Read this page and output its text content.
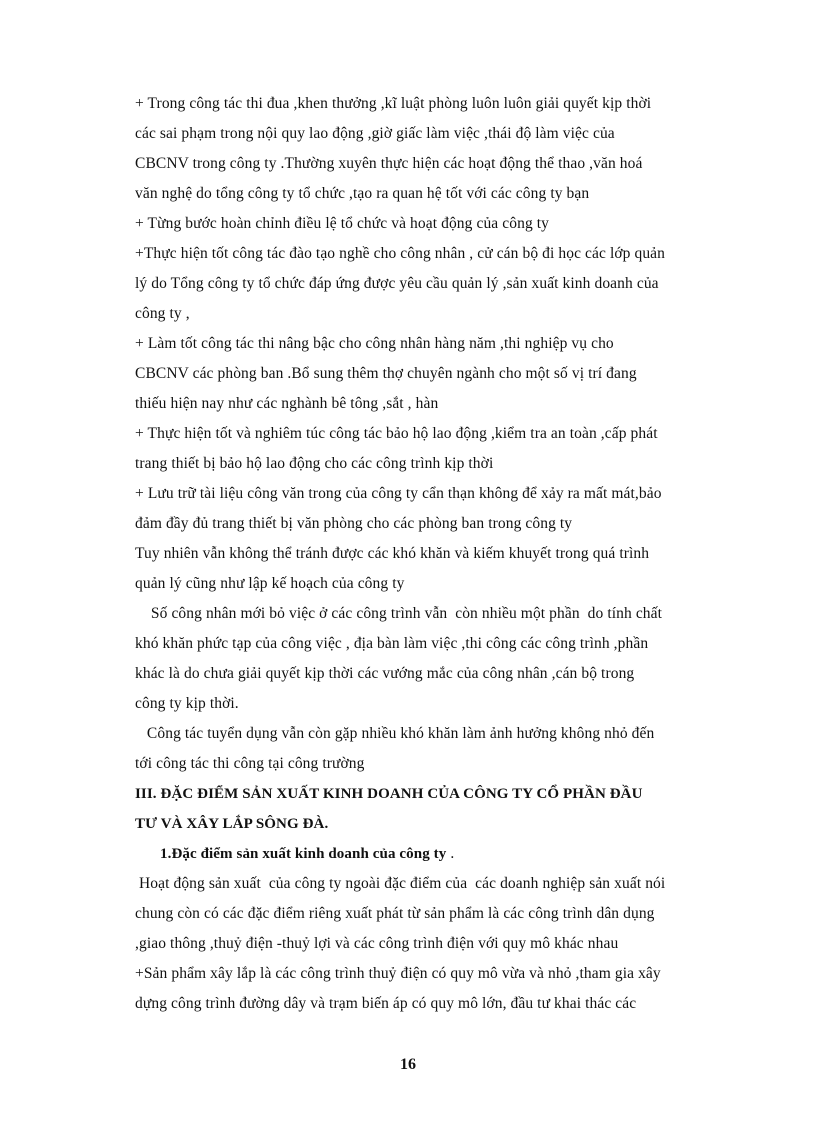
+ Trong công tác thi đua ,khen thưởng ,kĩ luật phòng luôn luôn giải quyết kịp thời
các sai phạm trong nội quy lao động ,giờ giấc làm việc ,thái độ làm việc của
CBCNV trong công ty .Thường xuyên thực hiện các hoạt động thể thao ,văn hoá
văn nghệ do tổng công ty tổ chức ,tạo ra quan hệ tốt với các công ty bạn
+ Từng bước hoàn chỉnh điều lệ tổ chức và hoạt động của công ty
+Thực hiện tốt công tác đào tạo nghề cho công nhân , cử cán bộ đi học các lớp quản
lý do Tổng công ty tổ chức đáp ứng được yêu cầu quản lý ,sản xuất kinh doanh của
công ty ,
+ Làm tốt công tác thi nâng bậc cho công nhân hàng năm ,thi nghiệp vụ cho
CBCNV các phòng ban .Bổ sung thêm thợ chuyên ngành cho một số vị trí đang
thiếu hiện nay như các nghành bê tông ,sắt , hàn
+ Thực hiện tốt và nghiêm túc công tác bảo hộ lao động ,kiểm tra an toàn ,cấp phát
trang thiết bị bảo hộ lao động cho các công trình kịp thời
+ Lưu trữ tài liệu công văn trong của công ty cẩn thạn không để xảy ra mất mát,bảo
đảm đầy đủ trang thiết bị văn phòng cho các phòng ban trong công ty
Tuy nhiên vẫn không thể tránh được các khó khăn và kiếm khuyết trong quá trình
quản lý cũng như lập kế hoạch của công ty
Số công nhân mới bỏ việc ở các công trình vẫn  còn nhiều một phần  do tính chất
khó khăn phức tạp của công việc , địa bàn làm việc ,thi công các công trình ,phần
khác là do chưa giải quyết kịp thời các vướng mắc của công nhân ,cán bộ trong
công ty kịp thời.
Công tác tuyển dụng vẫn còn gặp nhiều khó khăn làm ảnh hưởng không nhỏ đến
tới công tác thi công tại công trường
III. ĐẶC ĐIỂM SẢN XUẤT KINH DOANH CỦA CÔNG TY CỔ PHẦN ĐẦU
TƯ VÀ XÂY LẮP SÔNG ĐÀ.
1.Đặc điểm sản xuất kinh doanh của công ty .
Hoạt động sản xuất  của công ty ngoài đặc điểm của  các doanh nghiệp sản xuất nói
chung còn có các đặc điểm riêng xuất phát từ sản phẩm là các công trình dân dụng
,giao thông ,thuỷ điện -thuỷ lợi và các công trình điện với quy mô khác nhau
+Sản phẩm xây lắp là các công trình thuỷ điện có quy mô vừa và nhỏ ,tham gia xây
dựng công trình đường dây và trạm biến áp có quy mô lớn, đầu tư khai thác các
16
